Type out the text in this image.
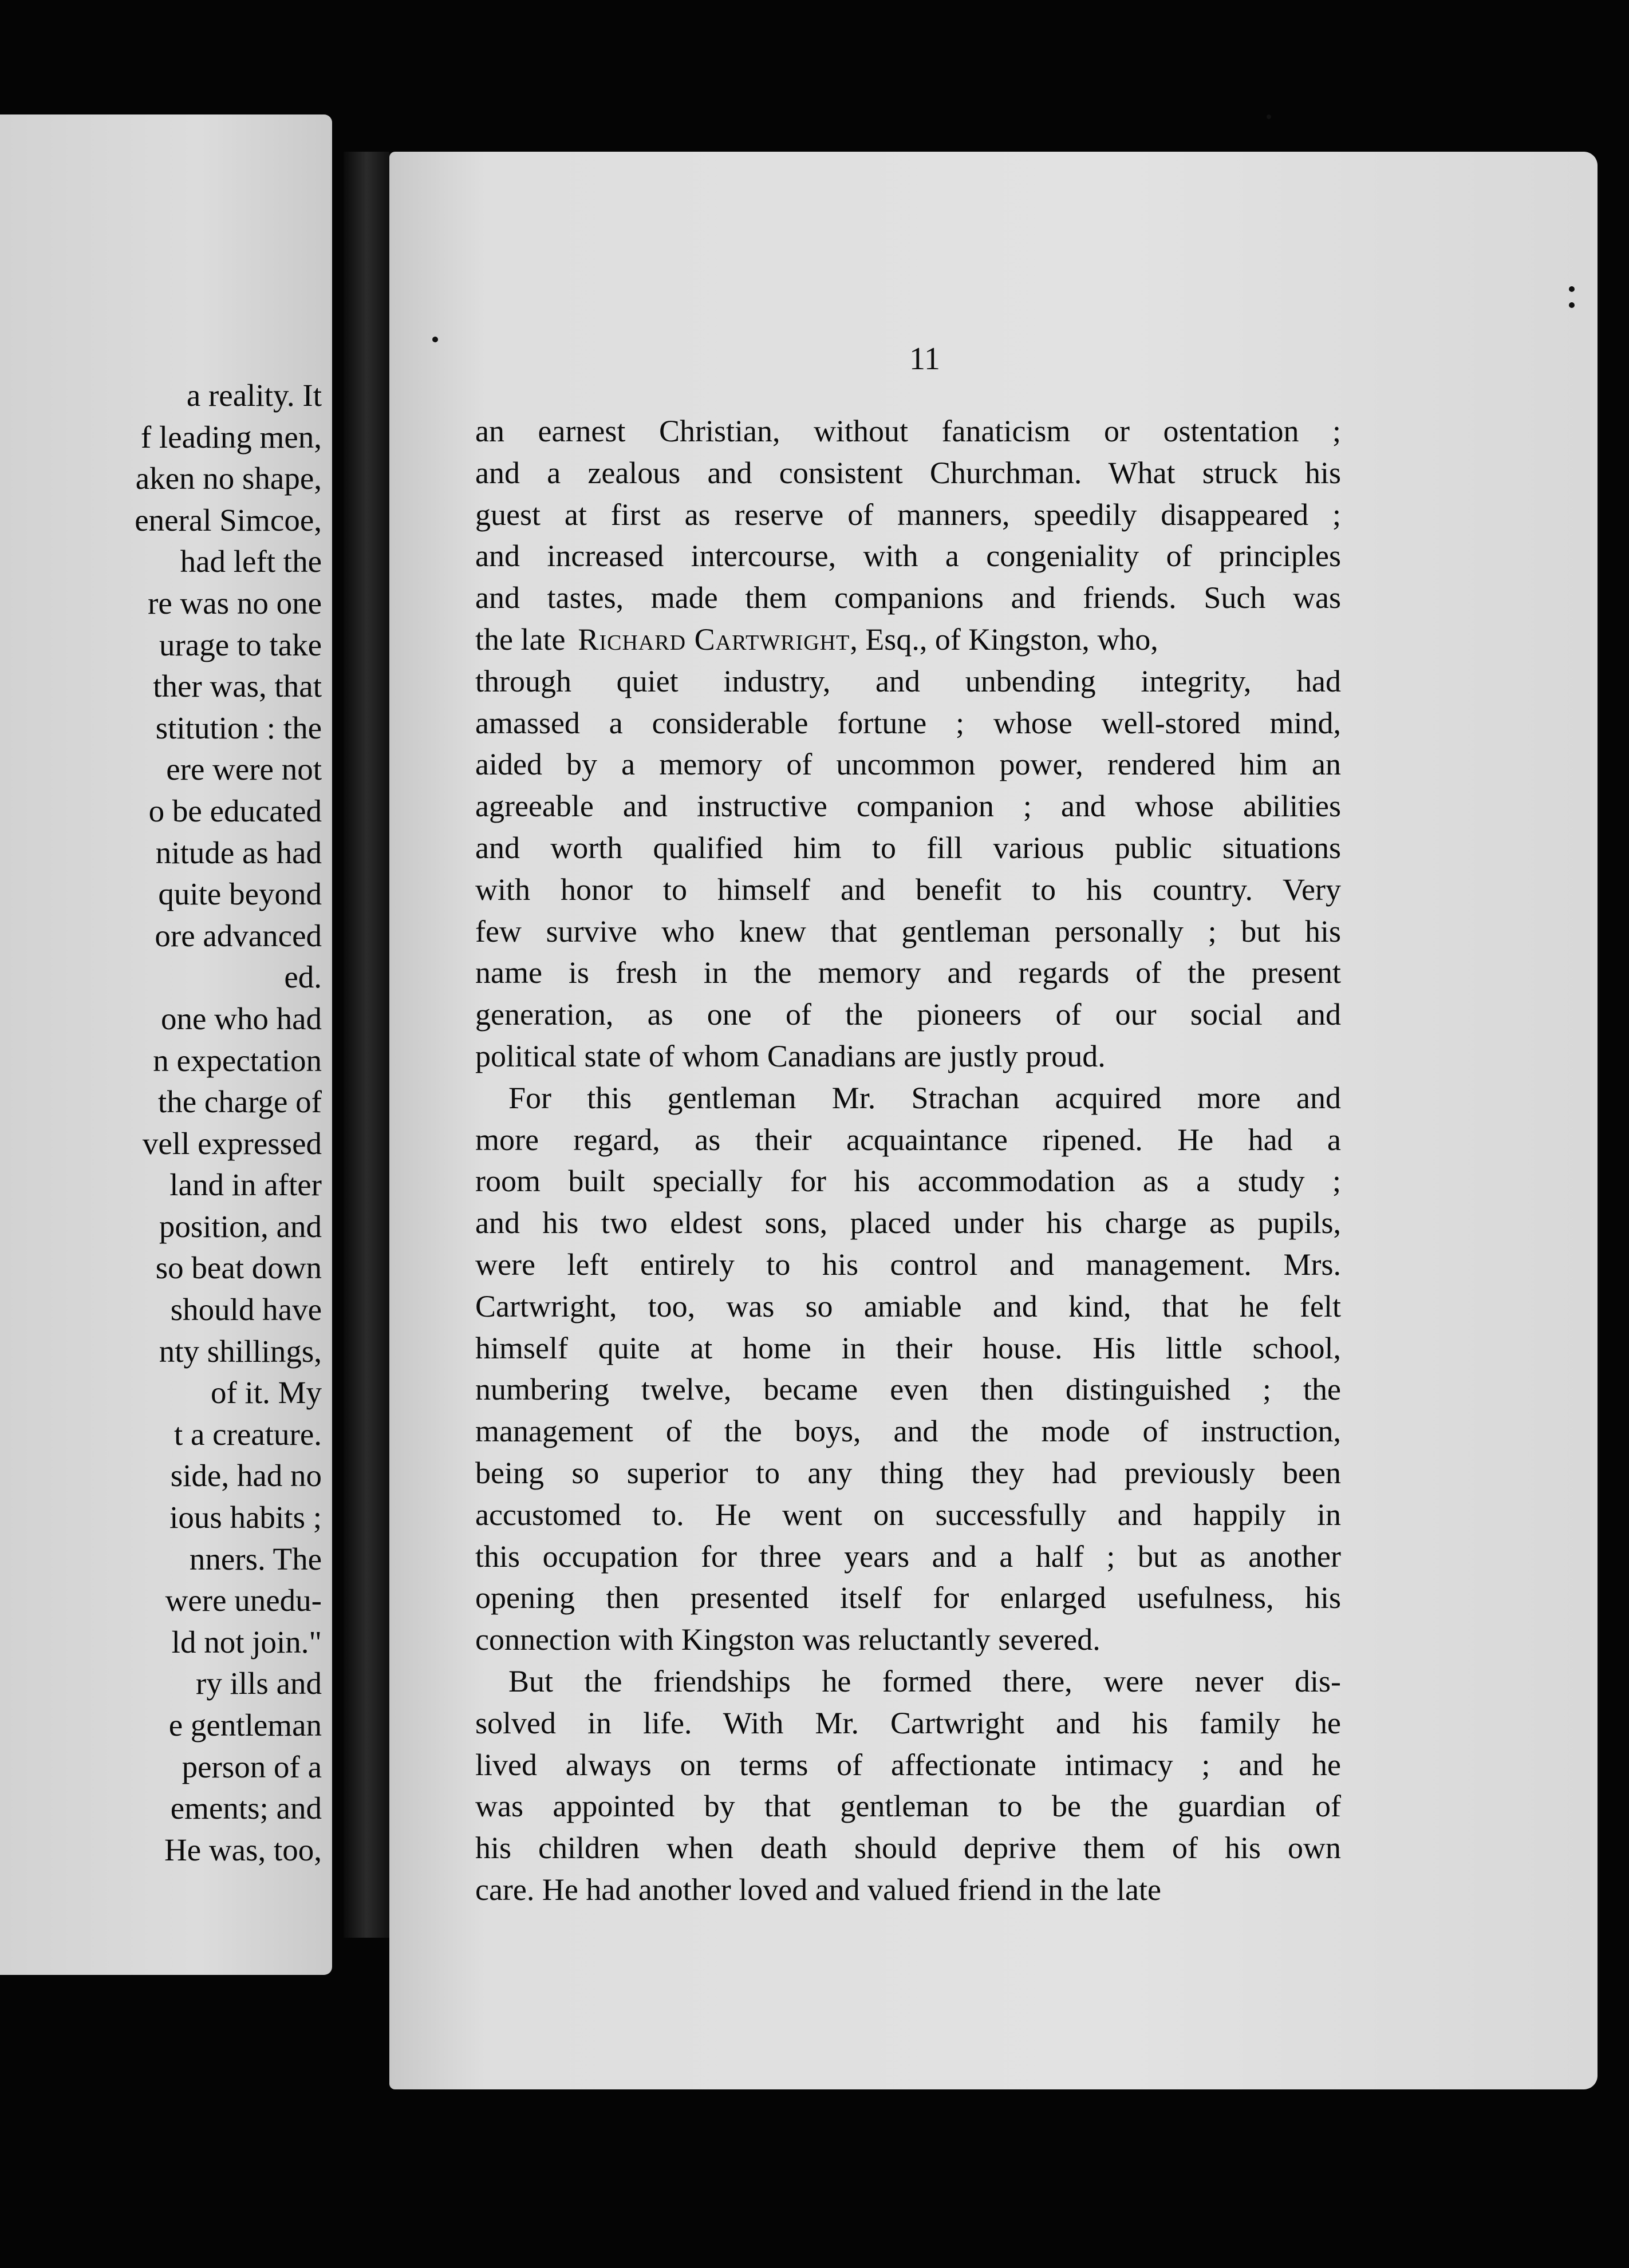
a reality. It
f leading men,
aken no shape,
eneral Simcoe,
had left the
re was no one
urage to take
ther was, that
stitution : the
ere were not
o be educated
nitude as had
quite beyond
ore advanced
ed.
one who had
n expectation
the charge of
vell expressed
land in after
position, and
so beat down
should have
nty shillings,
of it. My
t a creature.
side, had no
ious habits ;
nners. The
were unedu-
ld not join."
ry ills and
e gentleman
person of a
ements; and
He was, too,
11
an earnest Christian, without fanaticism or ostentation ;
and a zealous and consistent Churchman. What struck his
guest at first as reserve of manners, speedily disappeared ;
and increased intercourse, with a congeniality of principles
and tastes, made them companions and friends. Such was
the late Richard Cartwright , Esq., of Kingston, who,
through quiet industry, and unbending integrity, had
amassed a considerable fortune ; whose well-stored mind,
aided by a memory of uncommon power, rendered him an
agreeable and instructive companion ; and whose abilities
and worth qualified him to fill various public situations
with honor to himself and benefit to his country. Very
few survive who knew that gentleman personally ; but his
name is fresh in the memory and regards of the present
generation, as one of the pioneers of our social and
political state of whom Canadians are justly proud.
For this gentleman Mr. Strachan acquired more and
more regard, as their acquaintance ripened. He had a
room built specially for his accommodation as a study ;
and his two eldest sons, placed under his charge as pupils,
were left entirely to his control and management. Mrs.
Cartwright, too, was so amiable and kind, that he felt
himself quite at home in their house. His little school,
numbering twelve, became even then distinguished ; the
management of the boys, and the mode of instruction,
being so superior to any thing they had previously been
accustomed to. He went on successfully and happily in
this occupation for three years and a half ; but as another
opening then presented itself for enlarged usefulness, his
connection with Kingston was reluctantly severed.
But the friendships he formed there, were never dis-
solved in life. With Mr. Cartwright and his family he
lived always on terms of affectionate intimacy ; and he
was appointed by that gentleman to be the guardian of
his children when death should deprive them of his own
care. He had another loved and valued friend in the late
